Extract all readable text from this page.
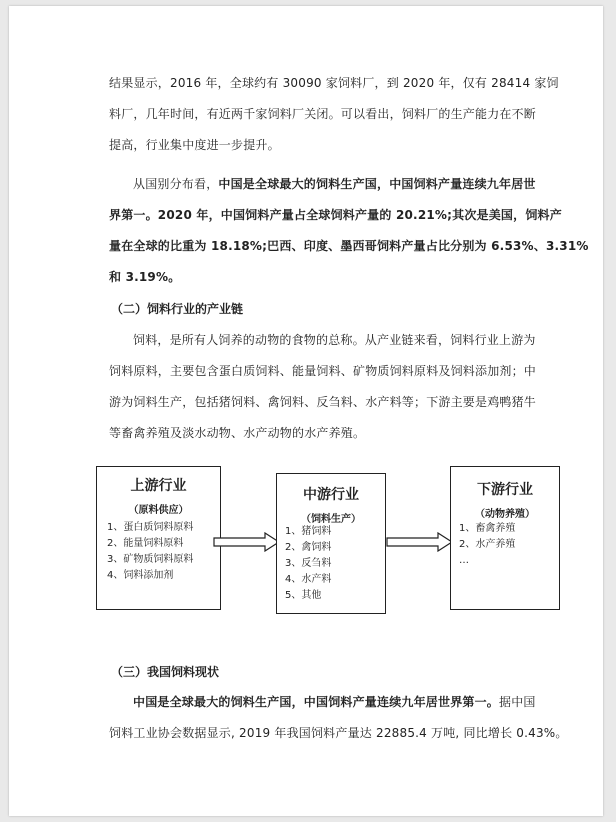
结果显示，2016 年，全球约有 30090 家饲料厂，到 2020 年，仅有 28414 家饲
料厂，几年时间，有近两千家饲料厂关闭。可以看出，饲料厂的生产能力在不断
提高，行业集中度进一步提升。

从国别分布看，中国是全球最大的饲料生产国，中国饲料产量连续九年居世
界第一。2020 年，中国饲料产量占全球饲料产量的 20.21%;其次是美国，饲料产
量在全球的比重为 18.18%;巴西、印度、墨西哥饲料产量占比分别为 6.53%、3.31%
和 3.19%。

（二）饲料行业的产业链

饲料，是所有人饲养的动物的食物的总称。从产业链来看，饲料行业上游为
饲料原料，主要包含蛋白质饲料、能量饲料、矿物质饲料原料及饲料添加剂；中
游为饲料生产，包括猪饲料、禽饲料、反刍料、水产料等；下游主要是鸡鸭猪牛
等畜禽养殖及淡水动物、水产动物的水产养殖。

上游行业
（原料供应）
1、蛋白质饲料原料
2、能量饲料原料
3、矿物质饲料原料
4、饲料添加剂
中游行业
（饲料生产）
1、猪饲料
2、禽饲料
3、反刍料
4、水产料
5、其他
下游行业
（动物养殖）
1、畜禽养殖
2、水产养殖
…
（三）我国饲料现状

中国是全球最大的饲料生产国，中国饲料产量连续九年居世界第一。据中国
饲料工业协会数据显示, 2019 年我国饲料产量达 22885.4 万吨, 同比增长 0.43%。
